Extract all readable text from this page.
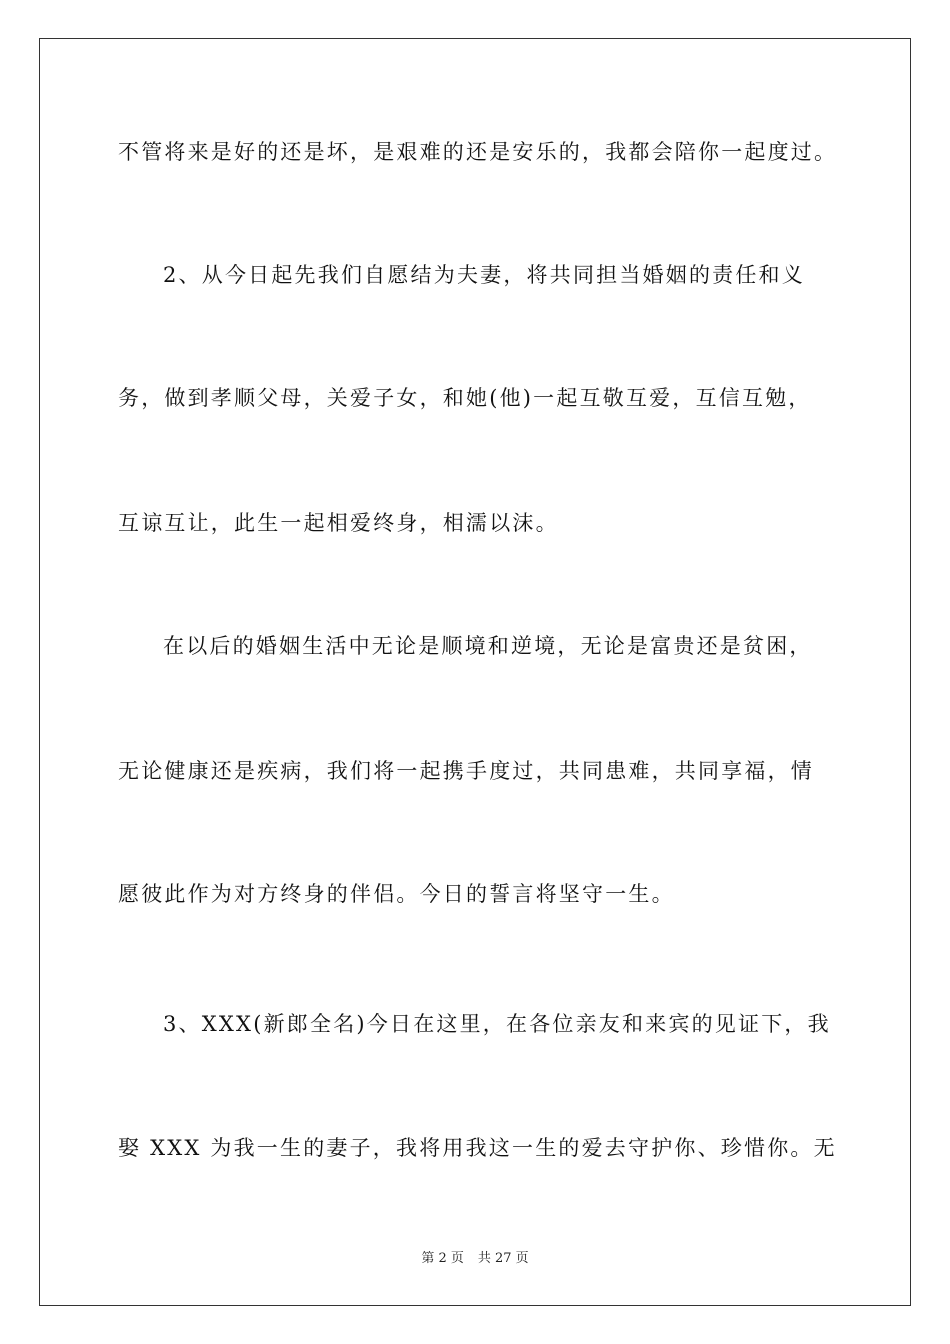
不管将来是好的还是坏，是艰难的还是安乐的，我都会陪你一起度过。
2、从今日起先我们自愿结为夫妻，将共同担当婚姻的责任和义
务，做到孝顺父母，关爱子女，和她(他)一起互敬互爱，互信互勉，
互谅互让，此生一起相爱终身，相濡以沫。
在以后的婚姻生活中无论是顺境和逆境，无论是富贵还是贫困，
无论健康还是疾病，我们将一起携手度过，共同患难，共同享福，情
愿彼此作为对方终身的伴侣。今日的誓言将坚守一生。
3、XXX(新郎全名)今日在这里，在各位亲友和来宾的见证下，我
娶 XXX 为我一生的妻子，我将用我这一生的爱去守护你、珍惜你。无
第 2 页 共 27 页
